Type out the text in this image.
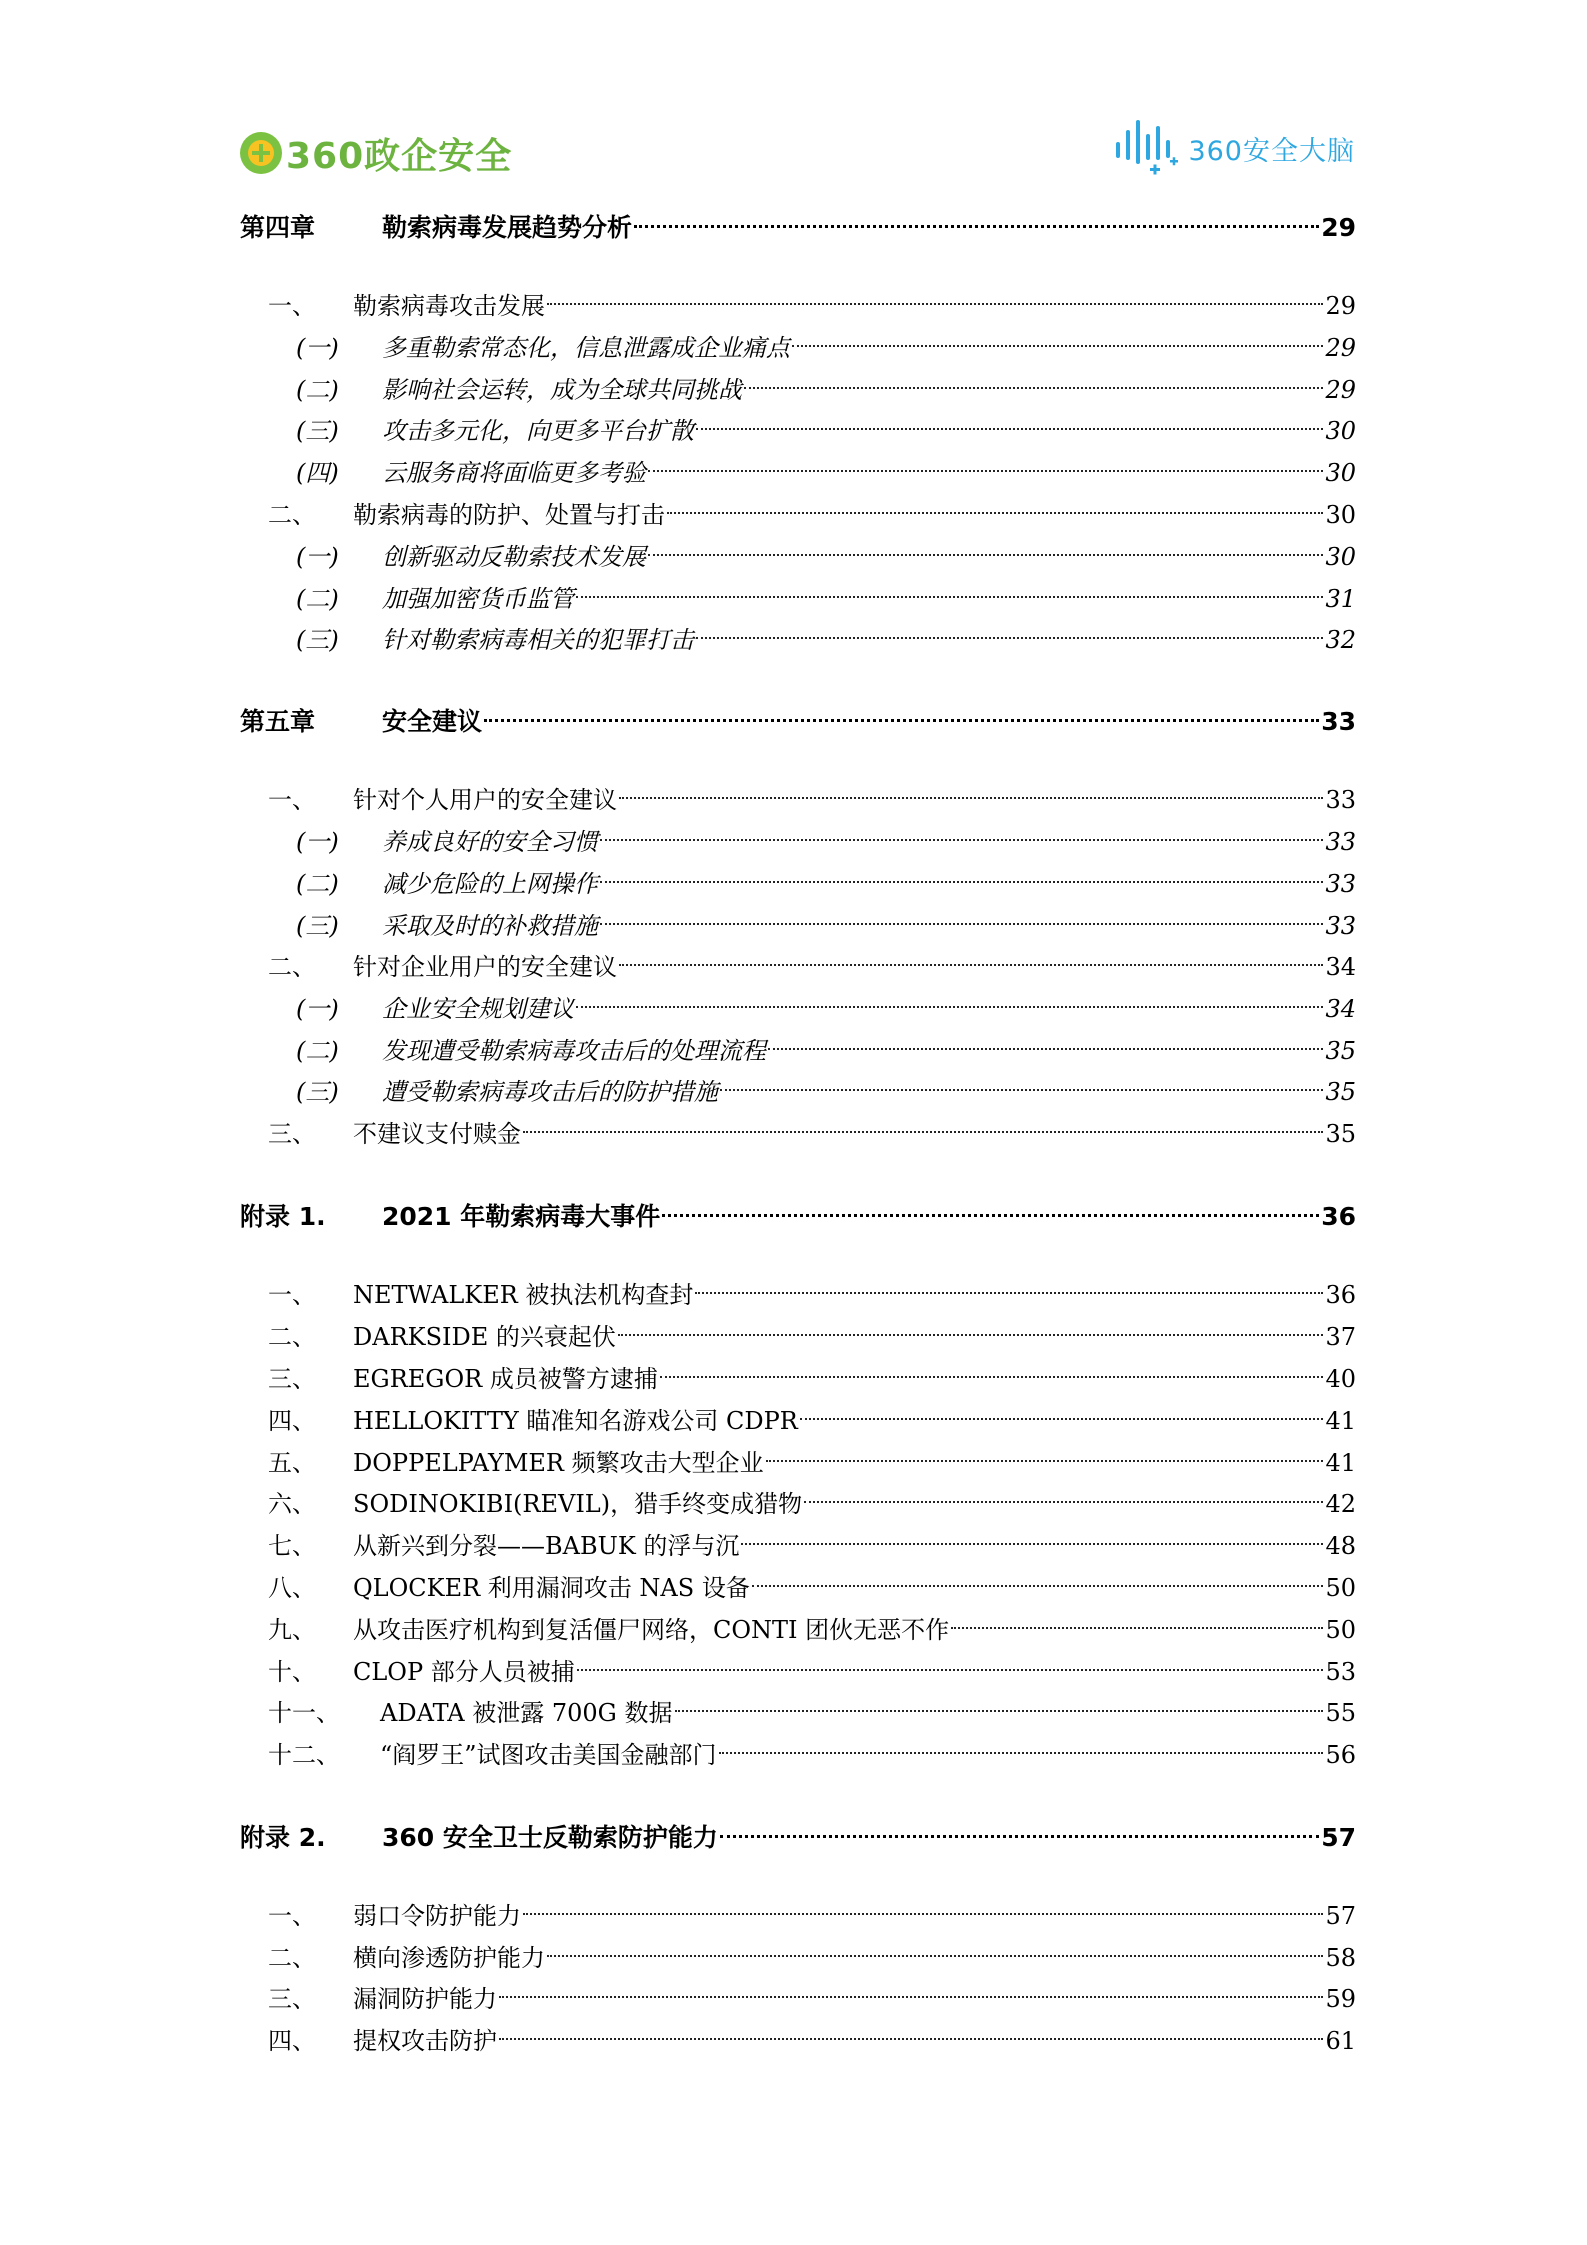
360政企安全	360安全大脑
第四章	勒索病毒发展趋势分析	29
一、	勒索病毒攻击发展	29
(一)	多重勒索常态化，信息泄露成企业痛点	29
(二)	影响社会运转，成为全球共同挑战	29
(三)	攻击多元化，向更多平台扩散	30
(四)	云服务商将面临更多考验	30
二、	勒索病毒的防护、处置与打击	30
(一)	创新驱动反勒索技术发展	30
(二)	加强加密货币监管	31
(三)	针对勒索病毒相关的犯罪打击	32
第五章	安全建议	33
一、	针对个人用户的安全建议	33
(一)	养成良好的安全习惯	33
(二)	减少危险的上网操作	33
(三)	采取及时的补救措施	33
二、	针对企业用户的安全建议	34
(一)	企业安全规划建议	34
(二)	发现遭受勒索病毒攻击后的处理流程	35
(三)	遭受勒索病毒攻击后的防护措施	35
三、	不建议支付赎金	35
附录 1.	2021 年勒索病毒大事件	36
一、	NETWALKER 被执法机构查封	36
二、	DARKSIDE 的兴衰起伏	37
三、	EGREGOR 成员被警方逮捕	40
四、	HELLOKITTY 瞄准知名游戏公司 CDPR	41
五、	DOPPELPAYMER 频繁攻击大型企业	41
六、	SODINOKIBI(REVIL)，猎手终变成猎物	42
七、	从新兴到分裂——BABUK 的浮与沉	48
八、	QLOCKER 利用漏洞攻击 NAS 设备	50
九、	从攻击医疗机构到复活僵尸网络，CONTI 团伙无恶不作	50
十、	CLOP 部分人员被捕	53
十一、	ADATA 被泄露 700G 数据	55
十二、	“阎罗王”试图攻击美国金融部门	56
附录 2.	360 安全卫士反勒索防护能力	57
一、	弱口令防护能力	57
二、	横向渗透防护能力	58
三、	漏洞防护能力	59
四、	提权攻击防护	61
